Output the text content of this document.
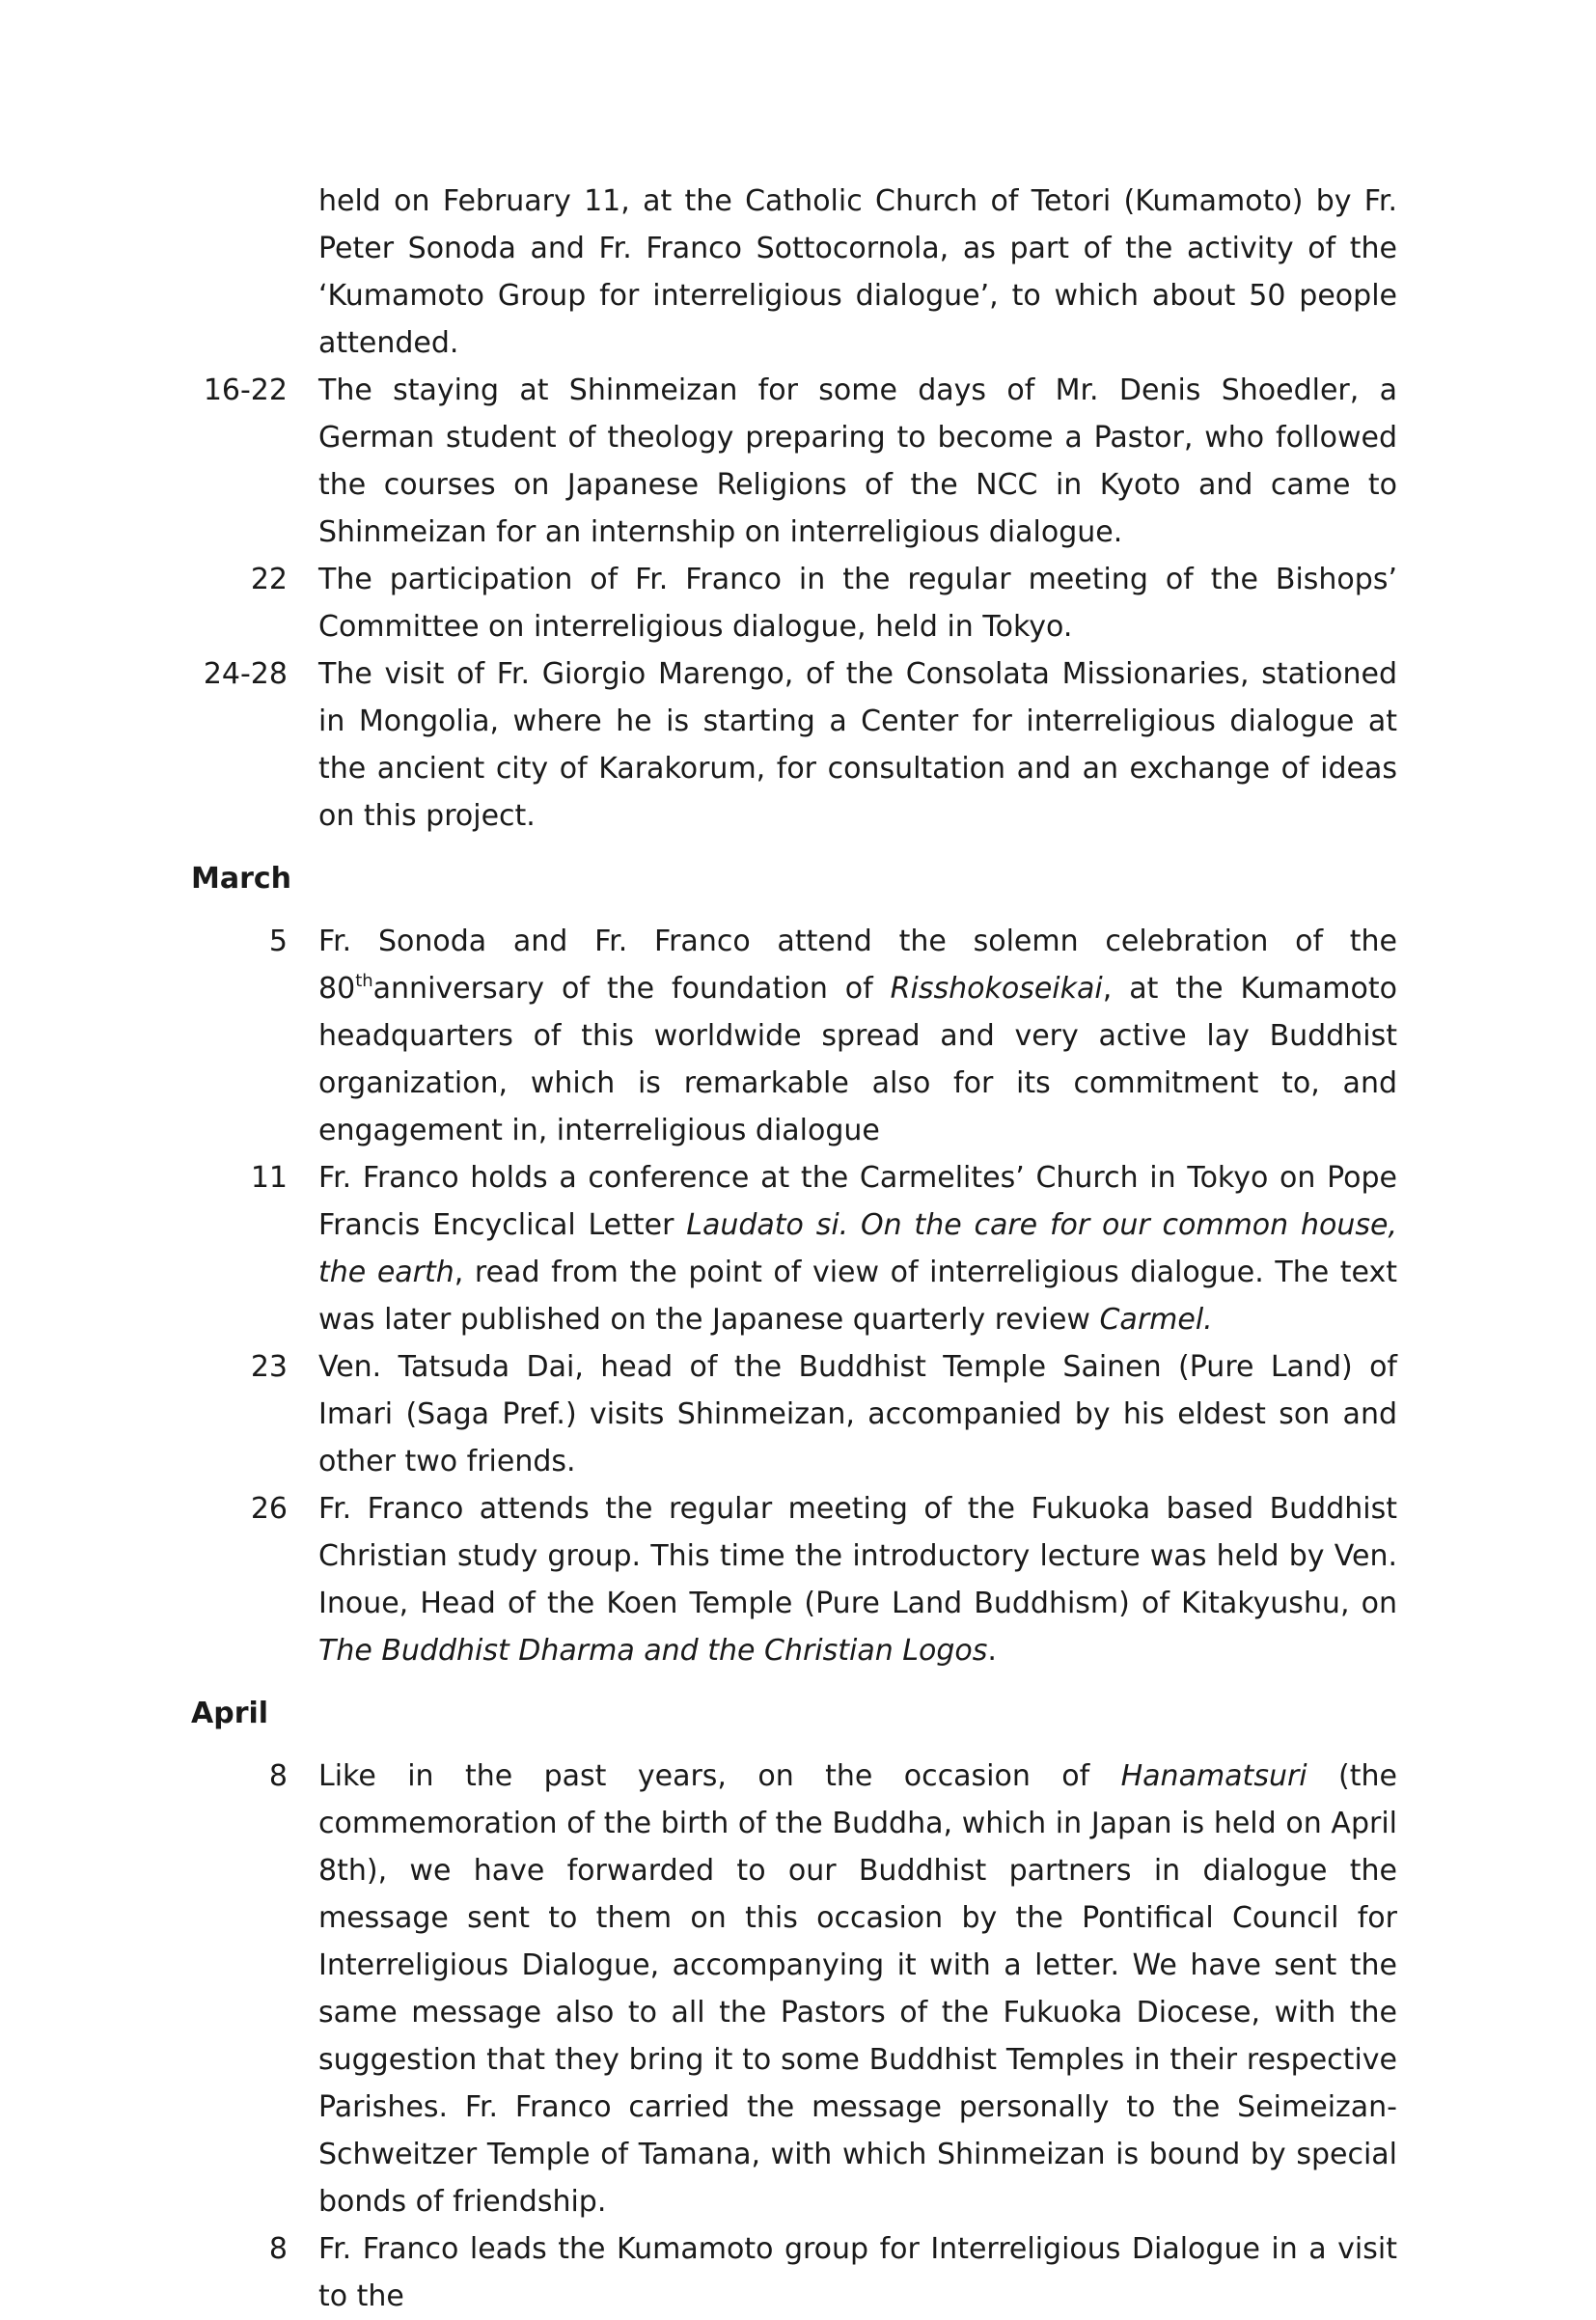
held on February 11, at the Catholic Church of Tetori (Kumamoto) by Fr. Peter Sonoda and Fr. Franco Sottocornola, as part of the activity of the ‘Kumamoto Group for interreligious dialogue’, to which about 50 people attended.
16-22	The staying at Shinmeizan for some days of Mr. Denis Shoedler, a German student of theology preparing to become a Pastor, who followed the courses on Japanese Religions of the NCC in Kyoto and came to Shinmeizan for an internship on interreligious dialogue.
22	The participation of Fr. Franco in the regular meeting of the Bishops’ Committee on interreligious dialogue, held in Tokyo.
24-28	The visit of Fr. Giorgio Marengo, of the Consolata Missionaries, stationed in Mongolia, where he is starting a Center for interreligious dialogue at the ancient city of Karakorum, for consultation and an exchange of ideas on this project.
March
5	Fr. Sonoda and Fr. Franco attend the solemn celebration of the 80thanniversary of the foundation of Risshokoseikai, at the Kumamoto headquarters of this worldwide spread and very active lay Buddhist organization, which is remarkable also for its commitment to, and engagement in, interreligious dialogue
11	Fr. Franco holds a conference at the Carmelites’ Church in Tokyo on Pope Francis Encyclical Letter Laudato si. On the care for our common house, the earth, read from the point of view of interreligious dialogue. The text was later published on the Japanese quarterly review Carmel.
23	Ven. Tatsuda Dai, head of the Buddhist Temple Sainen (Pure Land) of Imari (Saga Pref.) visits Shinmeizan, accompanied by his eldest son and other two friends.
26	Fr. Franco attends the regular meeting of the Fukuoka based Buddhist Christian study group. This time the introductory lecture was held by Ven. Inoue, Head of the Koen Temple (Pure Land Buddhism) of Kitakyushu, on The Buddhist Dharma and the Christian Logos.
April
8	Like in the past years, on the occasion of Hanamatsuri (the commemoration of the birth of the Buddha, which in Japan is held on April 8th), we have forwarded to our Buddhist partners in dialogue the message sent to them on this occasion by the Pontifical Council for Interreligious Dialogue, accompanying it with a letter. We have sent the same message also to all the Pastors of the Fukuoka Diocese, with the suggestion that they bring it to some Buddhist Temples in their respective Parishes. Fr. Franco carried the message personally to the Seimeizan-Schweitzer Temple of Tamana, with which Shinmeizan is bound by special bonds of friendship.
8	Fr. Franco leads the Kumamoto group for Interreligious Dialogue in a visit to the
